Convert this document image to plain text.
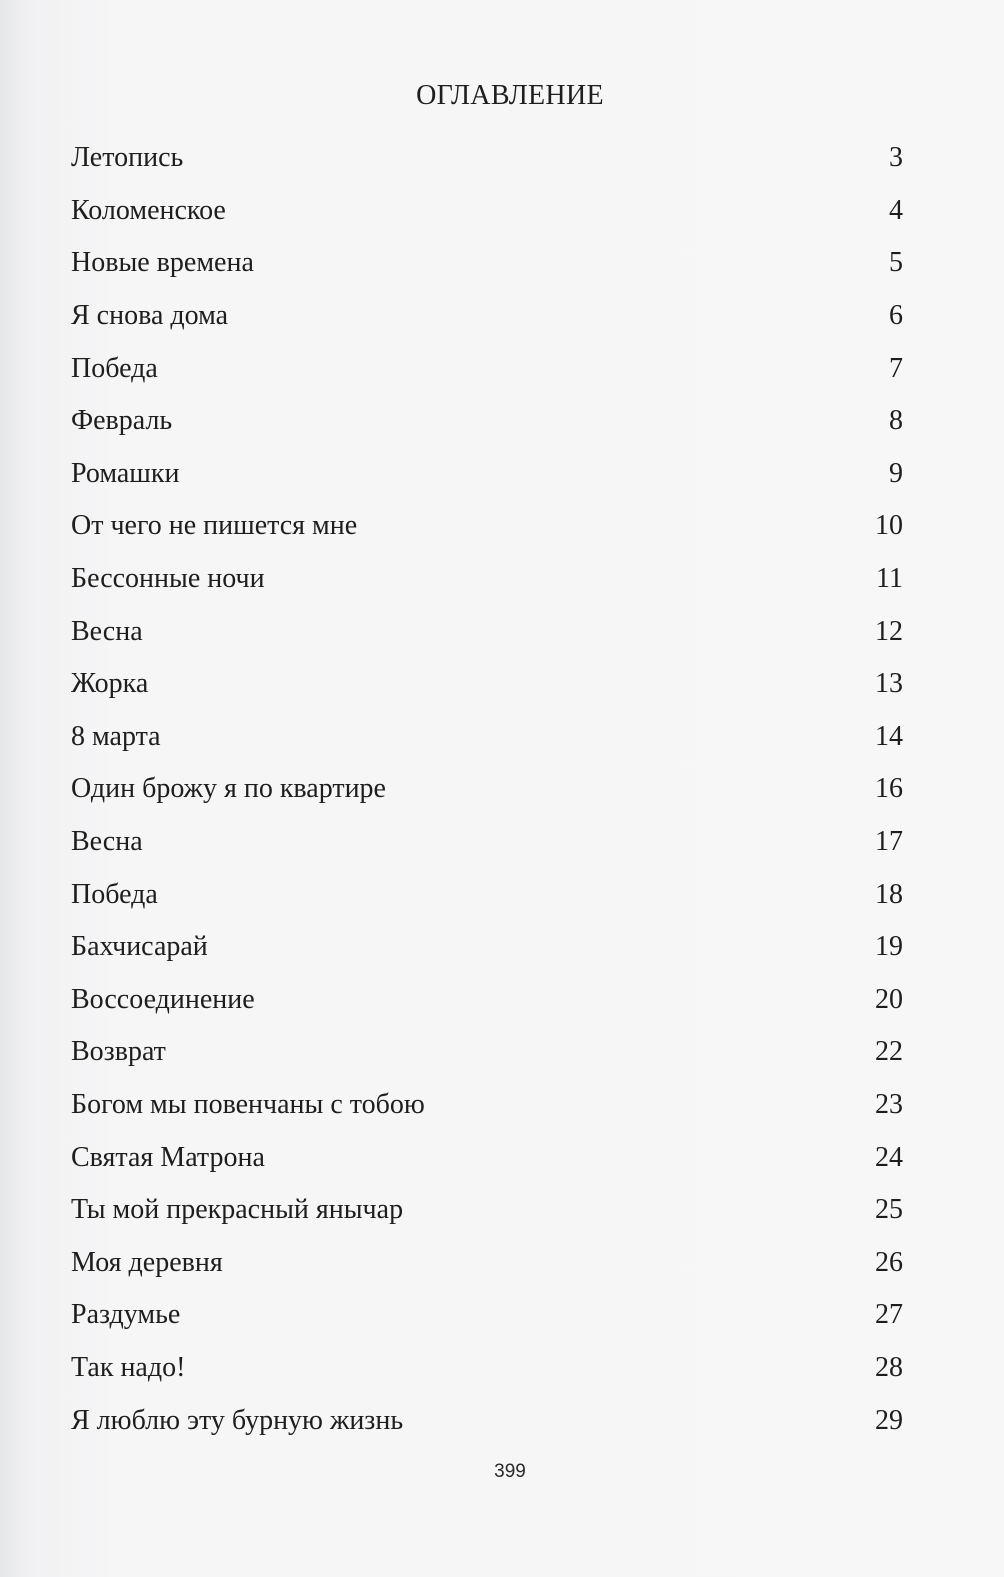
ОГЛАВЛЕНИЕ
Летопись	3
Коломенское	4
Новые времена	5
Я снова дома	6
Победа	7
Февраль	8
Ромашки	9
От чего не пишется мне	10
Бессонные ночи	11
Весна	12
Жорка	13
8 марта	14
Один брожу я по квартире	16
Весна	17
Победа	18
Бахчисарай	19
Воссоединение	20
Возврат	22
Богом мы повенчаны с тобою	23
Святая Матрона	24
Ты мой прекрасный янычар	25
Моя деревня	26
Раздумье	27
Так надо!	28
Я люблю эту бурную жизнь	29
399
